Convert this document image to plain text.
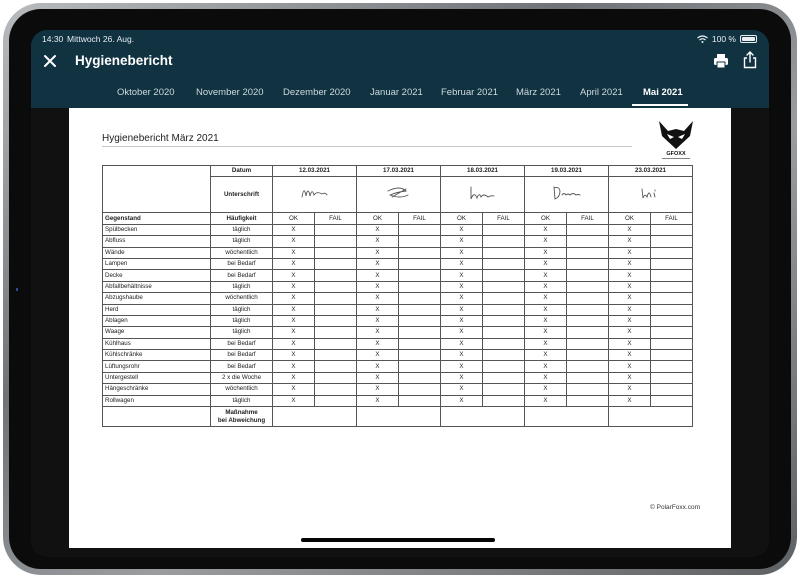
14:30 Mittwoch 26. Aug.	100 %
Hygienebericht
Oktober 2020 November 2020 Dezember 2020 Januar 2021 Februar 2021 März 2021 April 2021 Mai 2021
Hygienebericht März 2021
GFOXX
	Datum	12.03.2021		17.03.2021		18.03.2021		19.03.2021		23.03.2021	
	Unterschrift					
Gegenstand	Häufigkeit	OK	FAIL	OK	FAIL	OK	FAIL	OK	FAIL	OK	FAIL
Spülbecken	täglich	X		X		X		X		X	
Abfluss	täglich	X		X		X		X		X	
Wände	wöchentlich	X		X		X		X		X	
Lampen	bei Bedarf	X		X		X		X		X	
Decke	bei Bedarf	X		X		X		X		X	
Abfallbehältnisse	täglich	X		X		X		X		X	
Abzugshaube	wöchentlich	X		X		X		X		X	
Herd	täglich	X		X		X		X		X	
Ablagen	täglich	X		X		X		X		X	
Waage	täglich	X		X		X		X		X	
Kühlhaus	bei Bedarf	X		X		X		X		X	
Kühlschränke	bei Bedarf	X		X		X		X		X	
Lüftungsrohr	bei Bedarf	X		X		X		X		X	
Untergestell	2 x die Woche	X		X		X		X		X	
Hängeschränke	wöchentlich	X		X		X		X		X	
Rollwagen	täglich	X		X		X		X		X	

	Maßnahme
bei Abweichung										

© PolarFoxx.com
